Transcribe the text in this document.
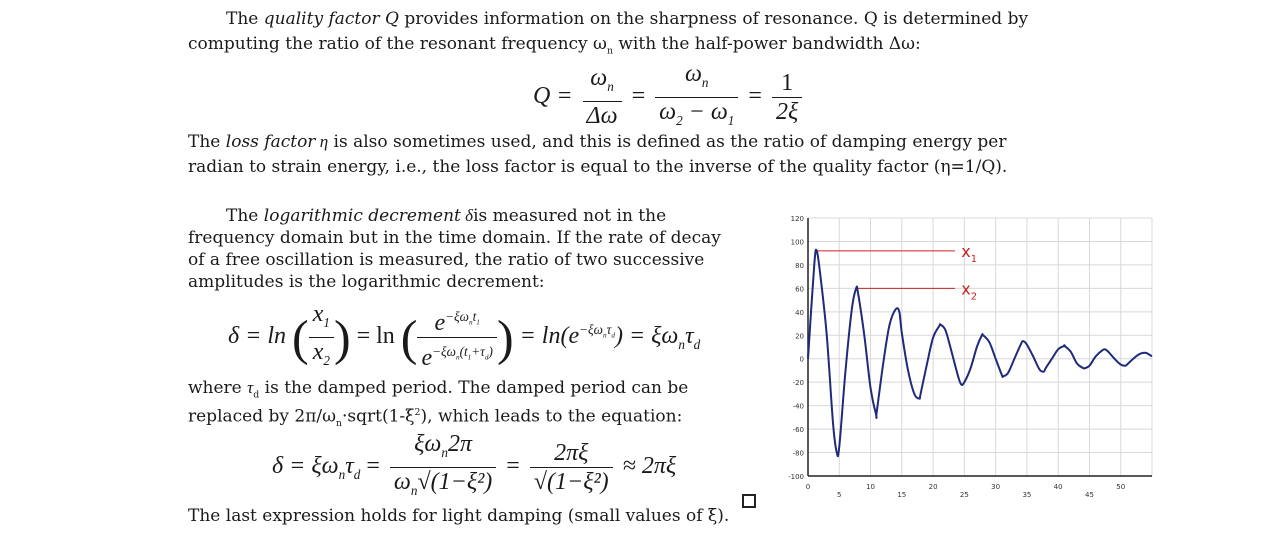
The quality factor Q provides information on the sharpness of resonance. Q is determined by
computing the ratio of the resonant frequency $\omega_n$ with the half-power bandwidth Δω:
$Q = \frac{\omega_n}{\Delta\omega} = \frac{\omega_n}{\omega_2 - \omega_1} = \frac{1}{2\xi}$
The loss factor η is also sometimes used, and this is defined as the ratio of damping energy per
radian to strain energy, i.e., the loss factor is equal to the inverse of the quality factor (η=1/Q).
The logarithmic decrement δis measured not in the
frequency domain but in the time domain. If the rate of decay
of a free oscillation is measured, the ratio of two successive
amplitudes is the logarithmic decrement:
δ = ln ( $\frac{x_1}{x_2}$ ) = ln ( $\frac{e^{-\xi\omega_nt_1}}{e^{-\xi\omega_n(t_1+\tau_d)}}$ ) = $\ln(e^{-\xi\omega_n\tau_d}) = \xi\omega_n\tau_d$
where $\tau_d$ is the damped period. The damped period can be
replaced by $2\pi/\omega_n\cdot sqrt(1-\xi^2)$, which leads to the equation:
$\delta = \xi\omega_n\tau_d = \frac{\xi\omega_n2\pi}{\omega_n√(1-\xi^2)} = \frac{2\pi\xi}{\text{√(1−ξ²)}} \approx 2\pi\xi$
The last expression holds for light damping (small values of ξ).
120
100
80
60
40
20
0
-20
-40
-60
-80
-100
0	10	20	30	40	50
5	15	25	35	45
$x_1$
$x_2$
